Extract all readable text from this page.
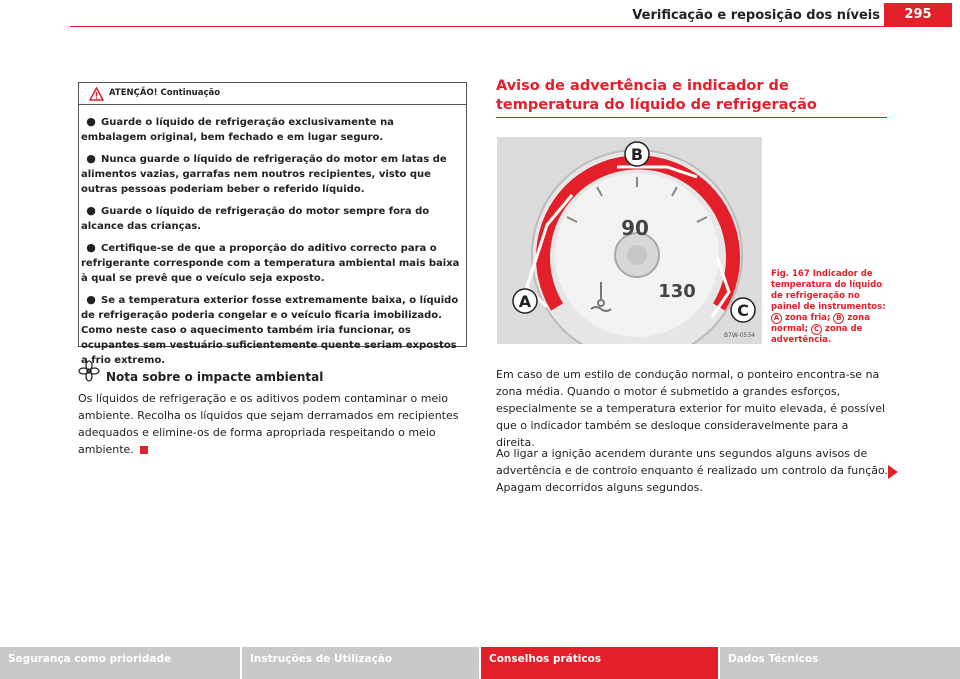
Verificação e reposição dos níveis	295
ATENÇÃO! Continuação
● Guarde o líquido de refrigeração exclusivamente na embalagem original, bem fechado e em lugar seguro.
● Nunca guarde o líquido de refrigeração do motor em latas de alimentos vazias, garrafas nem noutros recipientes, visto que outras pessoas poderiam beber o referido líquido.
● Guarde o líquido de refrigeração do motor sempre fora do alcance das crianças.
● Certifique-se de que a proporção do aditivo correcto para o refrigerante corresponde com a temperatura ambiental mais baixa à qual se prevê que o veículo seja exposto.
● Se a temperatura exterior fosse extremamente baixa, o líquido de refrigeração poderia congelar e o veículo ficaria imobilizado. Como neste caso o aquecimento também iria funcionar, os ocupantes sem vestuário suficientemente quente seriam expostos a frio extremo.
Nota sobre o impacte ambiental

Os líquidos de refrigeração e os aditivos podem contaminar o meio ambiente. Recolha os líquidos que sejam derramados em recipientes adequados e elimine-os de forma apropriada respeitando o meio ambiente.

Aviso de advertência e indicador de temperatura do líquido de refrigeração
B
A	C
90
130
B7W-0534
Fig. 167 Indicador de temperatura do líquido de refrigeração no painel de instrumentos: A zona fria; B zona normal; C zona de advertência.

Em caso de um estilo de condução normal, o ponteiro encontra-se na zona média. Quando o motor é submetido a grandes esforços, especialmente se a temperatura exterior for muito elevada, é possível que o indicador também se desloque consideravelmente para a direita.

Ao ligar a ignição acendem durante uns segundos alguns avisos de advertência e de controlo enquanto é realizado um controlo da função. Apagam decorridos alguns segundos.

Segurança como prioridade	Instruções de Utilização	Conselhos práticos	Dados Técnicos
